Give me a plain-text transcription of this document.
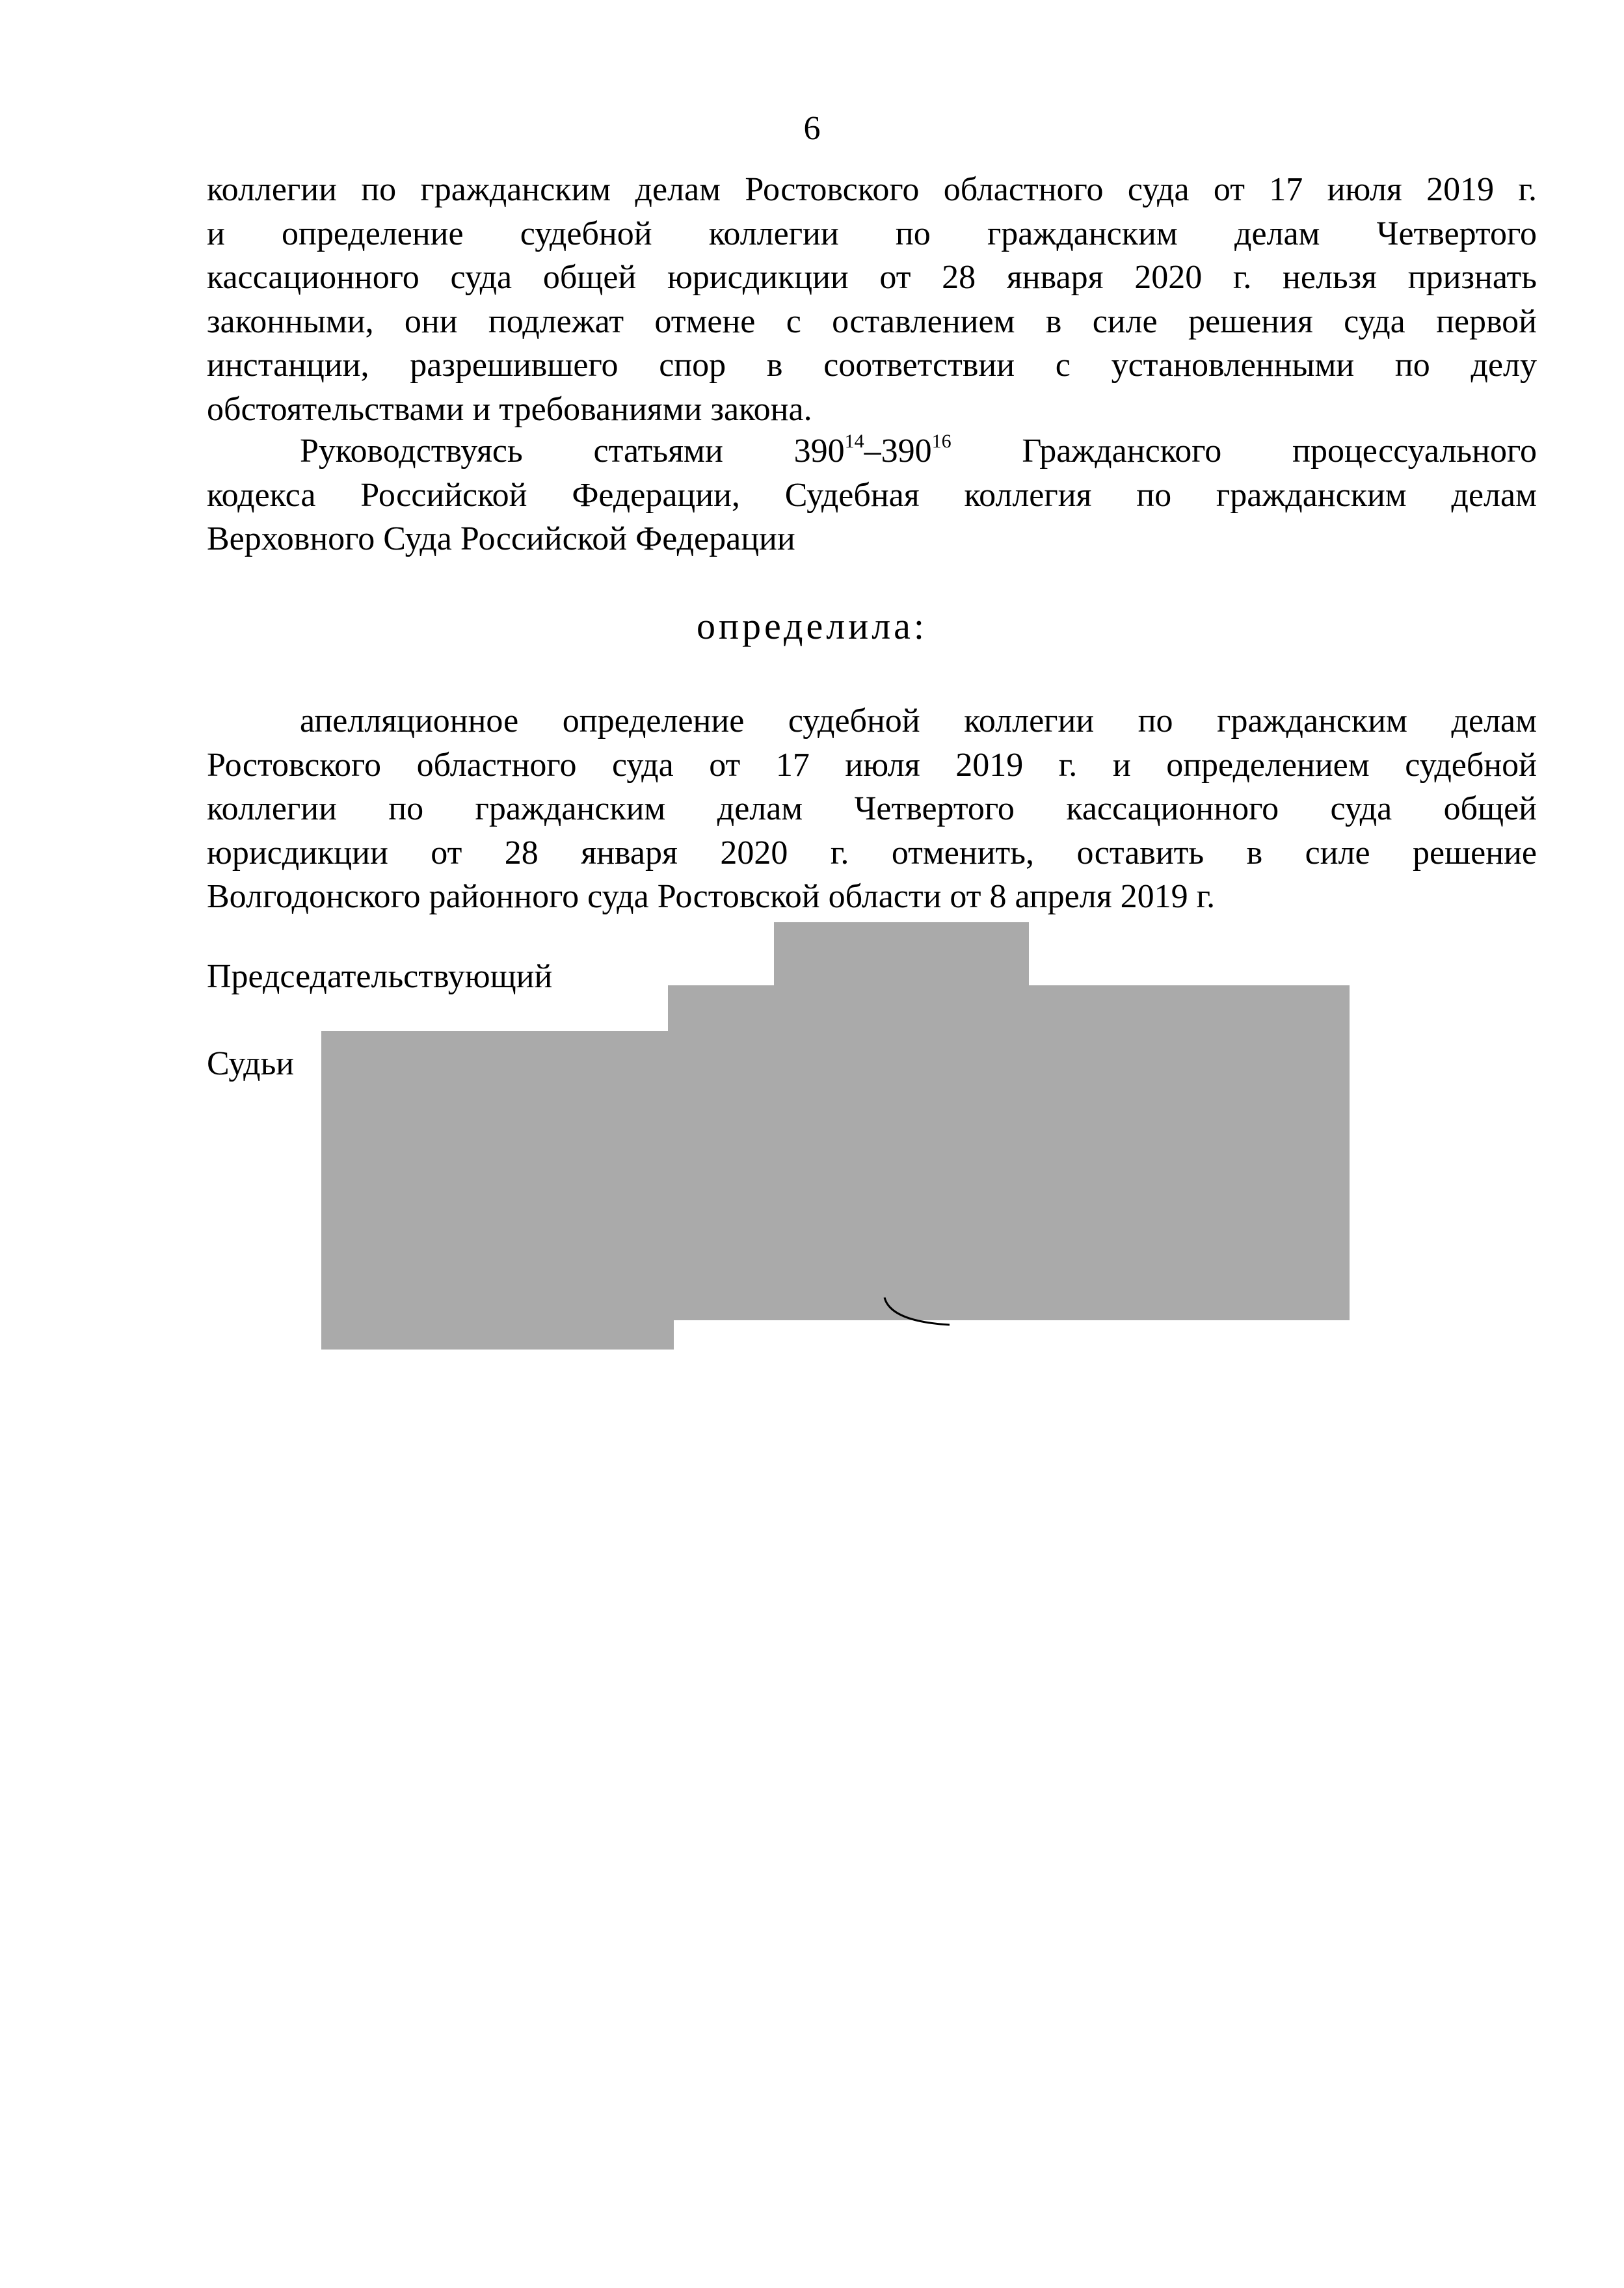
6
коллегии по гражданским делам Ростовского областного суда от 17 июля 2019 г.
и определение судебной коллегии по гражданским делам Четвертого
кассационного суда общей юрисдикции от 28 января 2020 г. нельзя признать
законными, они подлежат отмене с оставлением в силе решения суда первой
инстанции, разрешившего спор в соответствии с установленными по делу
обстоятельствами и требованиями закона.
Руководствуясь статьями $390^{14}-390^{16}$ Гражданского процессуального
кодекса Российской Федерации, Судебная коллегия по гражданским делам
Верховного Суда Российской Федерации
определила:
апелляционное определение судебной коллегии по гражданским делам
Ростовского областного суда от 17 июля 2019 г. и определением судебной
коллегии по гражданским делам Четвертого кассационного суда общей
юрисдикции от 28 января 2020 г. отменить, оставить в силе решение
Волгодонского районного суда Ростовской области от 8 апреля 2019 г.
Председательствующий
Судьи
